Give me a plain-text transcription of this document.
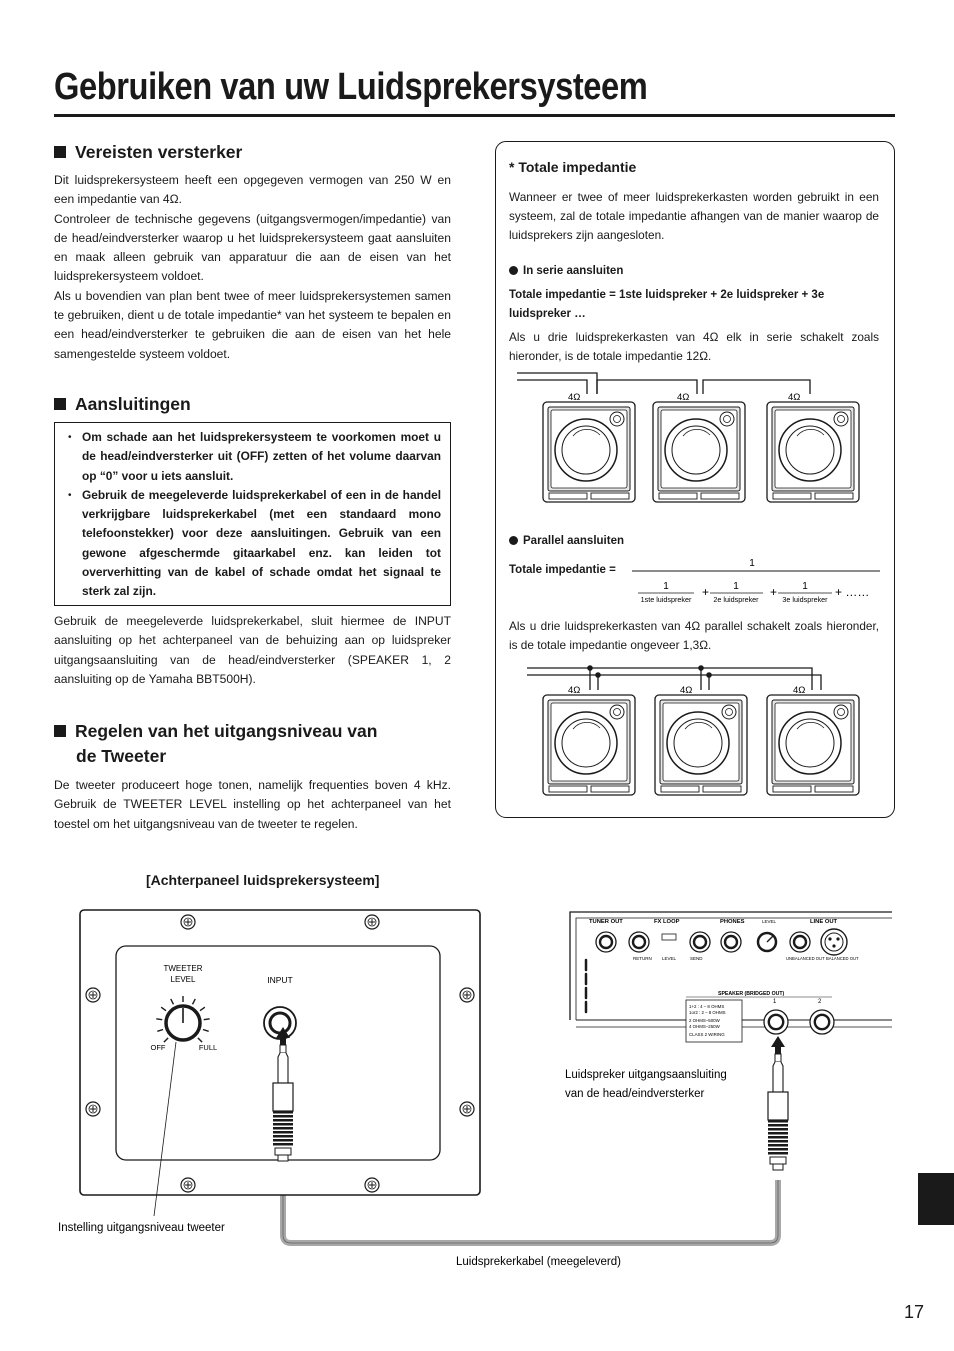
Gebruiken van uw Luidsprekersysteem
Vereisten versterker
Dit luidsprekersysteem heeft een opgegeven vermogen van 250 W en een impedantie van 4Ω.
Controleer de technische gegevens (uitgangsvermogen/impedantie) van de head/eindversterker waarop u het luidsprekersysteem gaat aansluiten en maak alleen gebruik van apparatuur die aan de eisen van het luidsprekersysteem voldoet.
Als u bovendien van plan bent twee of meer luidsprekersystemen samen te gebruiken, dient u de totale impedantie* van het systeem te bepalen en een head/eindversterker te gebruiken die aan de eisen van het hele samengestelde systeem voldoet.
Aansluitingen
• Om schade aan het luidsprekersysteem te voorkomen moet u de head/eindversterker uit (OFF) zetten of het volume daarvan op “0” voor u iets aansluit.
• Gebruik de meegeleverde luidsprekerkabel of een in de handel verkrijgbare luidsprekerkabel (met een standaard mono telefoonstekker) voor deze aansluitingen. Gebruik van een gewone afgeschermde gitaarkabel enz. kan leiden tot oververhitting van de kabel of schade omdat het signaal te sterk zal zijn.
Gebruik de meegeleverde luidsprekerkabel, sluit hiermee de INPUT aansluiting op het achterpaneel van de behuizing aan op luidspreker uitgangsaansluiting van de head/eindversterker (SPEAKER 1, 2 aansluiting op de Yamaha BBT500H).
Regelen van het uitgangsniveau van
de Tweeter
De tweeter produceert hoge tonen, namelijk frequenties boven 4 kHz. Gebruik de TWEETER LEVEL instelling op het achterpaneel van het toestel om het uitgangsniveau van de tweeter te regelen.
* Totale impedantie
Wanneer er twee of meer luidsprekerkasten worden gebruikt in een systeem, zal de totale impedantie afhangen van de manier waarop de luidsprekers zijn aangesloten.
In serie aansluiten
Totale impedantie = 1ste luidspreker + 2e luidspreker + 3e luidspreker …
Als u drie luidsprekerkasten van 4Ω elk in serie schakelt zoals hieronder, is de totale impedantie 12Ω.
4Ω	4Ω	4Ω
Parallel aansluiten
Totale impedantie =
1
1
1ste luidspreker
+ 1
2e luidspreker
+	1
3e luidspreker
+ ……
Als u drie luidsprekerkasten van 4Ω parallel schakelt zoals hieronder, is de totale impedantie ongeveer 1,3Ω.
4Ω	4Ω	4Ω
[Achterpaneel luidsprekersysteem]
TWEETER
LEVEL
OFF	FULL
INPUT
TUNER OUT	FX LOOP	PHONES	LEVEL	LINE OUT
RETURN LEVEL	SEND	UNBALANCED OUT BALANCED OUT
SPEAKER (BRIDGED OUT)
1	2
1+2 : 4 – 8 OHMS
1or2 : 2 – 8 OHMS
2 OHMS–500W
4 OHMS–250W
CLASS 2 WIRING
Instelling uitgangsniveau tweeter
Luidspreker uitgangsaansluiting
van de head/eindversterker
Luidsprekerkabel (meegeleverd)
17
